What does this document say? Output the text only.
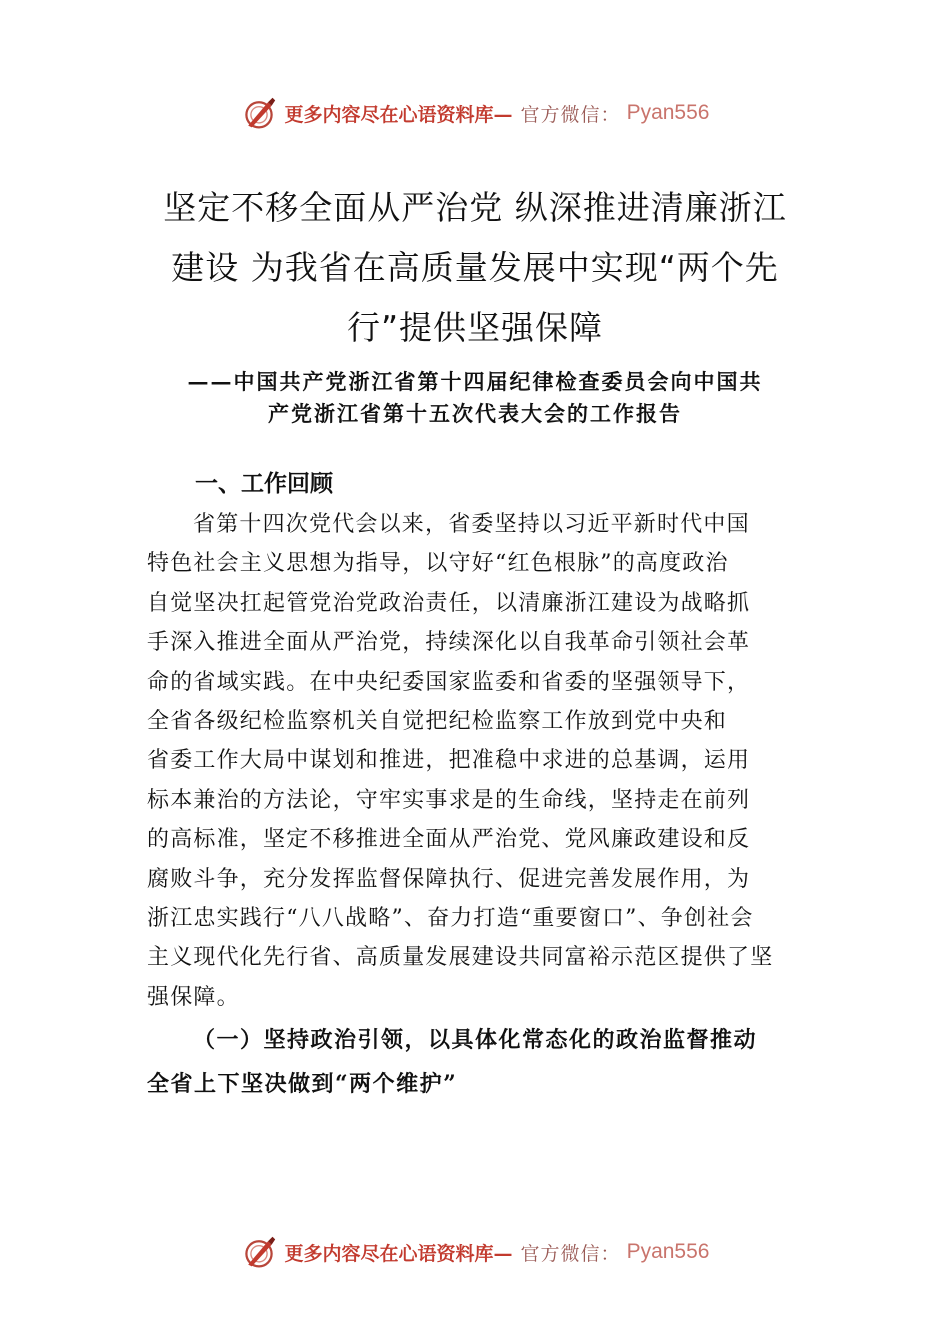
更多内容尽在心语资料库— 官方微信： Pyan556
坚定不移全面从严治党 纵深推进清廉浙江
建设 为我省在高质量发展中实现“两个先
行”提供坚强保障
——中国共产党浙江省第十四届纪律检查委员会向中国共
产党浙江省第十五次代表大会的工作报告
一、工作回顾
省第十四次党代会以来，省委坚持以习近平新时代中国
特色社会主义思想为指导，以守好“红色根脉”的高度政治
自觉坚决扛起管党治党政治责任，以清廉浙江建设为战略抓
手深入推进全面从严治党，持续深化以自我革命引领社会革
命的省域实践。在中央纪委国家监委和省委的坚强领导下，
全省各级纪检监察机关自觉把纪检监察工作放到党中央和
省委工作大局中谋划和推进，把准稳中求进的总基调，运用
标本兼治的方法论，守牢实事求是的生命线，坚持走在前列
的高标准，坚定不移推进全面从严治党、党风廉政建设和反
腐败斗争，充分发挥监督保障执行、促进完善发展作用，为
浙江忠实践行“八八战略”、奋力打造“重要窗口”、争创社会
主义现代化先行省、高质量发展建设共同富裕示范区提供了坚
强保障。
（一）坚持政治引领，以具体化常态化的政治监督推动
全省上下坚决做到“两个维护”
更多内容尽在心语资料库— 官方微信： Pyan556
